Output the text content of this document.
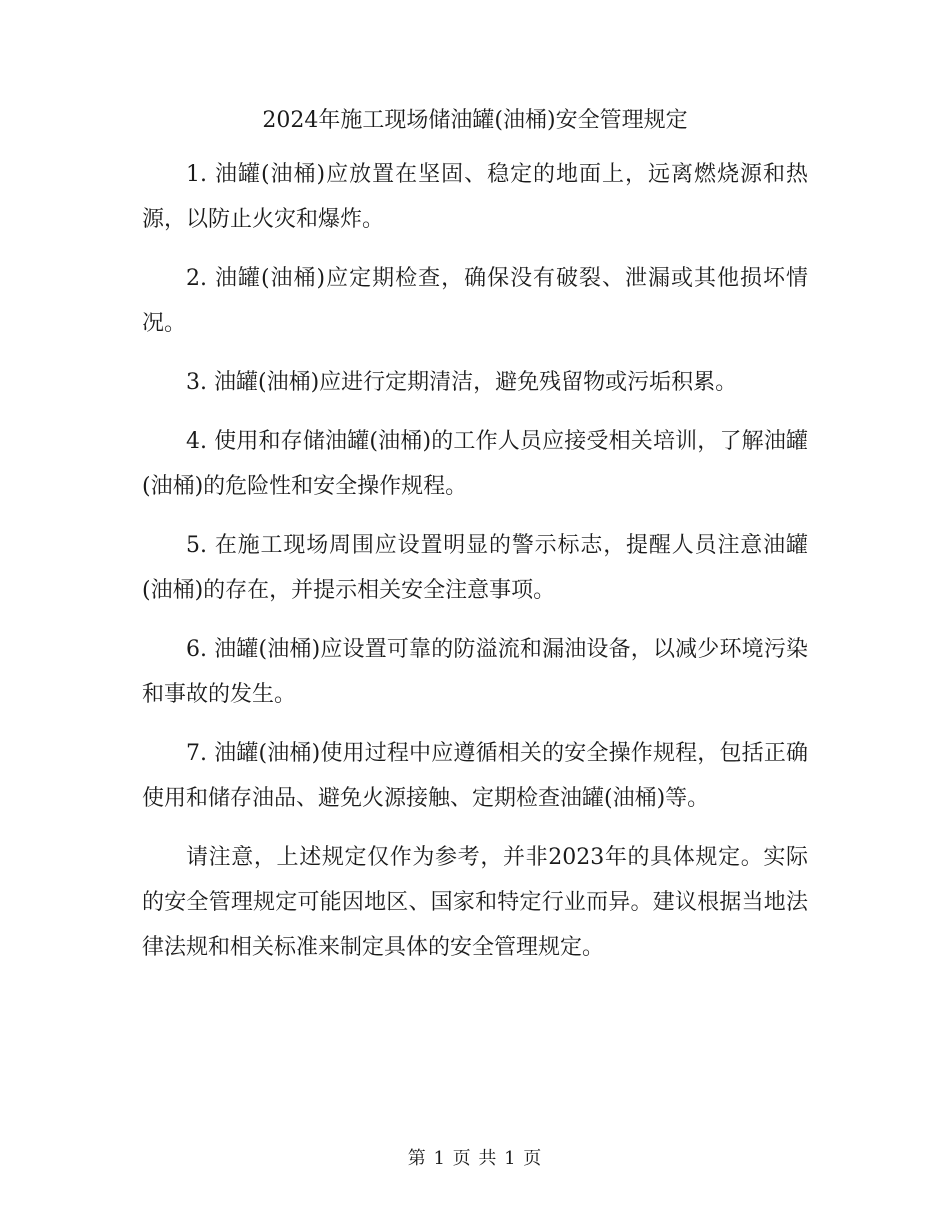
2024年施工现场储油罐(油桶)安全管理规定

1. 油罐(油桶)应放置在坚固、稳定的地面上，远离燃烧源和热源，以防止火灾和爆炸。

2. 油罐(油桶)应定期检查，确保没有破裂、泄漏或其他损坏情况。

3. 油罐(油桶)应进行定期清洁，避免残留物或污垢积累。

4. 使用和存储油罐(油桶)的工作人员应接受相关培训，了解油罐(油桶)的危险性和安全操作规程。

5. 在施工现场周围应设置明显的警示标志，提醒人员注意油罐(油桶)的存在，并提示相关安全注意事项。

6. 油罐(油桶)应设置可靠的防溢流和漏油设备，以减少环境污染和事故的发生。

7. 油罐(油桶)使用过程中应遵循相关的安全操作规程，包括正确使用和储存油品、避免火源接触、定期检查油罐(油桶)等。

请注意，上述规定仅作为参考，并非2023年的具体规定。实际的安全管理规定可能因地区、国家和特定行业而异。建议根据当地法律法规和相关标准来制定具体的安全管理规定。

第 1 页 共 1 页
